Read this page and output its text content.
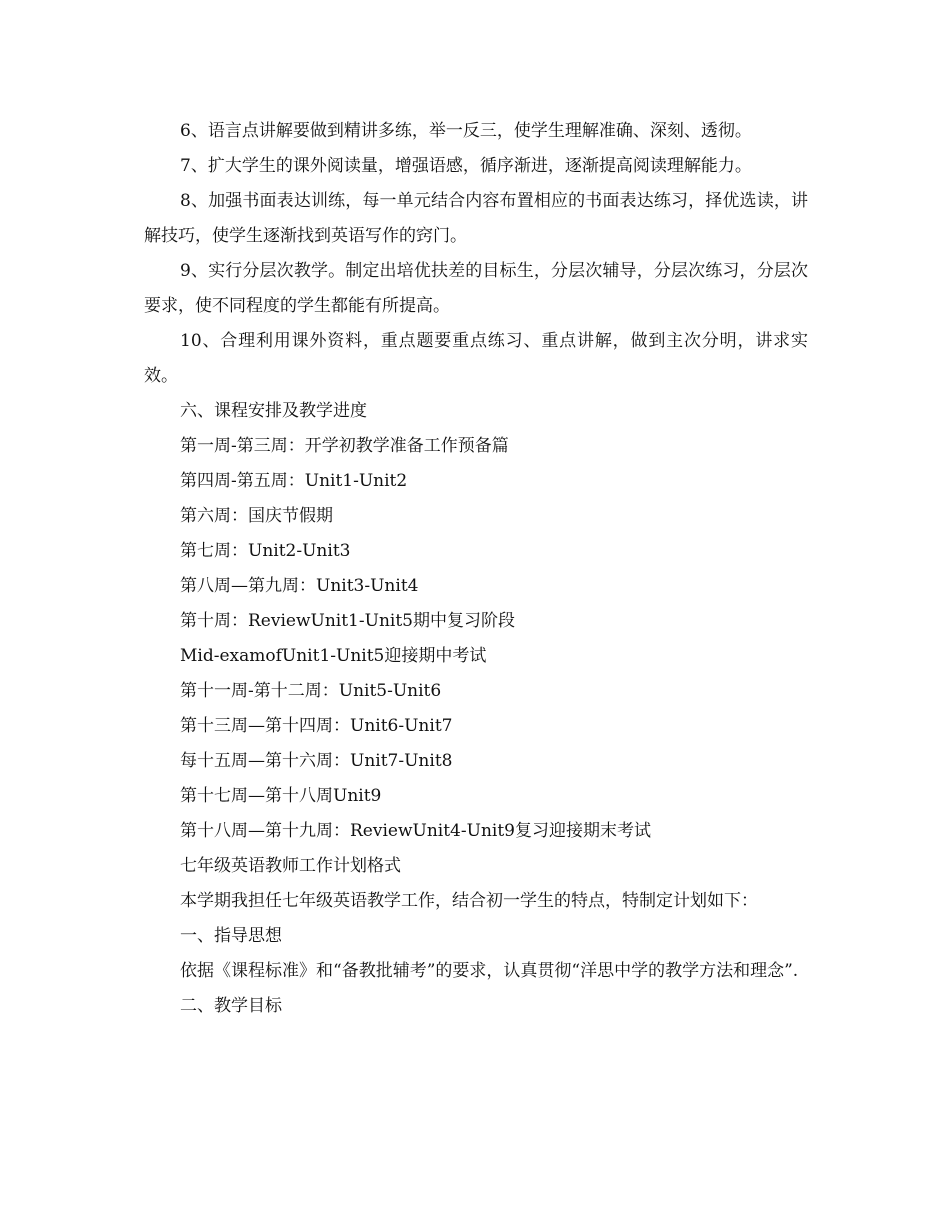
6、语言点讲解要做到精讲多练，举一反三，使学生理解准确、深刻、透彻。

7、扩大学生的课外阅读量，增强语感，循序渐进，逐渐提高阅读理解能力。

8、加强书面表达训练，每一单元结合内容布置相应的书面表达练习，择优选读，讲解技巧，使学生逐渐找到英语写作的窍门。

9、实行分层次教学。制定出培优扶差的目标生，分层次辅导，分层次练习，分层次要求，使不同程度的学生都能有所提高。

10、合理利用课外资料，重点题要重点练习、重点讲解，做到主次分明，讲求实效。

六、课程安排及教学进度

第一周-第三周：开学初教学准备工作预备篇

第四周-第五周：Unit1-Unit2

第六周：国庆节假期

第七周：Unit2-Unit3

第八周—第九周：Unit3-Unit4

第十周：ReviewUnit1-Unit5期中复习阶段

Mid-examofUnit1-Unit5迎接期中考试

第十一周-第十二周：Unit5-Unit6

第十三周—第十四周：Unit6-Unit7

每十五周—第十六周：Unit7-Unit8

第十七周—第十八周Unit9

第十八周—第十九周：ReviewUnit4-Unit9复习迎接期末考试

七年级英语教师工作计划格式

本学期我担任七年级英语教学工作，结合初一学生的特点，特制定计划如下：

一、指导思想

依据《课程标准》和“备教批辅考”的要求，认真贯彻“洋思中学的教学方法和理念”.

二、教学目标
